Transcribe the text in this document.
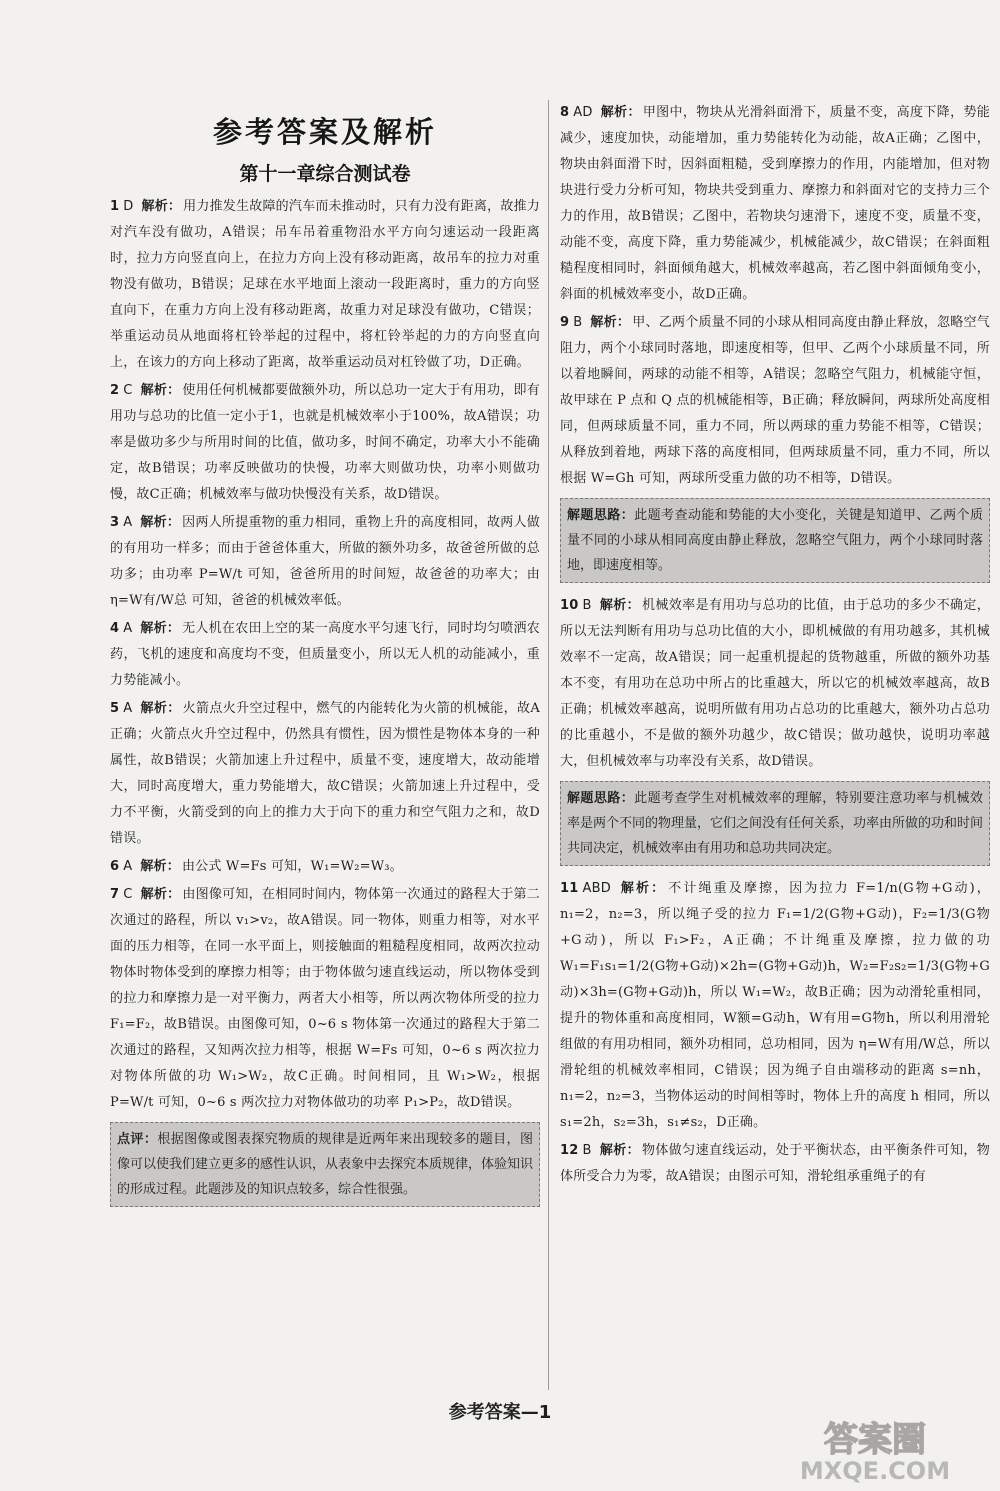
参考答案及解析
第十一章综合测试卷
1 D 解析： 用力推发生故障的汽车而未推动时，只有力没有距离，故推力对汽车没有做功，A错误；吊车吊着重物沿水平方向匀速运动一段距离时，拉力方向竖直向上，在拉力方向上没有移动距离，故吊车的拉力对重物没有做功，B错误；足球在水平地面上滚动一段距离时，重力的方向竖直向下，在重力方向上没有移动距离，故重力对足球没有做功，C错误；举重运动员从地面将杠铃举起的过程中，将杠铃举起的力的方向竖直向上，在该力的方向上移动了距离，故举重运动员对杠铃做了功，D正确。
2 C 解析： 使用任何机械都要做额外功，所以总功一定大于有用功，即有用功与总功的比值一定小于1，也就是机械效率小于100%，故A错误；功率是做功多少与所用时间的比值，做功多，时间不确定，功率大小不能确定，故B错误；功率反映做功的快慢，功率大则做功快，功率小则做功慢，故C正确；机械效率与做功快慢没有关系，故D错误。
3 A 解析： 因两人所提重物的重力相同，重物上升的高度相同，故两人做的有用功一样多；而由于爸爸体重大，所做的额外功多，故爸爸所做的总功多；由功率 P=W/t 可知，爸爸所用的时间短，故爸爸的功率大；由 η=W有/W总 可知，爸爸的机械效率低。
4 A 解析： 无人机在农田上空的某一高度水平匀速飞行，同时均匀喷洒农药，飞机的速度和高度均不变，但质量变小，所以无人机的动能减小，重力势能减小。
5 A 解析： 火箭点火升空过程中，燃气的内能转化为火箭的机械能，故A正确；火箭点火升空过程中，仍然具有惯性，因为惯性是物体本身的一种属性，故B错误；火箭加速上升过程中，质量不变，速度增大，故动能增大，同时高度增大，重力势能增大，故C错误；火箭加速上升过程中，受力不平衡，火箭受到的向上的推力大于向下的重力和空气阻力之和，故D错误。
6 A 解析： 由公式 W=Fs 可知，W₁=W₂=W₃。
7 C 解析： 由图像可知，在相同时间内，物体第一次通过的路程大于第二次通过的路程，所以 v₁>v₂，故A错误。同一物体，则重力相等，对水平面的压力相等，在同一水平面上，则接触面的粗糙程度相同，故两次拉动物体时物体受到的摩擦力相等；由于物体做匀速直线运动，所以物体受到的拉力和摩擦力是一对平衡力，两者大小相等，所以两次物体所受的拉力 F₁=F₂，故B错误。由图像可知，0~6 s 物体第一次通过的路程大于第二次通过的路程，又知两次拉力相等，根据 W=Fs 可知，0~6 s 两次拉力对物体所做的功 W₁>W₂，故C正确。时间相同，且 W₁>W₂，根据 P=W/t 可知，0~6 s 两次拉力对物体做功的功率 P₁>P₂，故D错误。
点评：根据图像或图表探究物质的规律是近两年来出现较多的题目，图像可以使我们建立更多的感性认识，从表象中去探究本质规律，体验知识的形成过程。此题涉及的知识点较多，综合性很强。
8 AD 解析： 甲图中，物块从光滑斜面滑下，质量不变，高度下降，势能减少，速度加快，动能增加，重力势能转化为动能，故A正确；乙图中，物块由斜面滑下时，因斜面粗糙，受到摩擦力的作用，内能增加，但对物块进行受力分析可知，物块共受到重力、摩擦力和斜面对它的支持力三个力的作用，故B错误；乙图中，若物块匀速滑下，速度不变，质量不变，动能不变，高度下降，重力势能减少，机械能减少，故C错误；在斜面粗糙程度相同时，斜面倾角越大，机械效率越高，若乙图中斜面倾角变小，斜面的机械效率变小，故D正确。
9 B 解析： 甲、乙两个质量不同的小球从相同高度由静止释放，忽略空气阻力，两个小球同时落地，即速度相等，但甲、乙两个小球质量不同，所以着地瞬间，两球的动能不相等，A错误；忽略空气阻力，机械能守恒，故甲球在 P 点和 Q 点的机械能相等，B正确；释放瞬间，两球所处高度相同，但两球质量不同，重力不同，所以两球的重力势能不相等，C错误；从释放到着地，两球下落的高度相同，但两球质量不同，重力不同，所以根据 W=Gh 可知，两球所受重力做的功不相等，D错误。
解题思路：此题考查动能和势能的大小变化，关键是知道甲、乙两个质量不同的小球从相同高度由静止释放，忽略空气阻力，两个小球同时落地，即速度相等。
10 B 解析： 机械效率是有用功与总功的比值，由于总功的多少不确定，所以无法判断有用功与总功比值的大小，即机械做的有用功越多，其机械效率不一定高，故A错误；同一起重机提起的货物越重，所做的额外功基本不变，有用功在总功中所占的比重越大，所以它的机械效率越高，故B正确；机械效率越高，说明所做有用功占总功的比重越大，额外功占总功的比重越小，不是做的额外功越少，故C错误；做功越快，说明功率越大，但机械效率与功率没有关系，故D错误。
解题思路：此题考查学生对机械效率的理解，特别要注意功率与机械效率是两个不同的物理量，它们之间没有任何关系，功率由所做的功和时间共同决定，机械效率由有用功和总功共同决定。
11 ABD 解析： 不计绳重及摩擦，因为拉力 F=1/n(G物+G动)，n₁=2，n₂=3，所以绳子受的拉力 F₁=1/2(G物+G动)，F₂=1/3(G物+G动)，所以 F₁>F₂，A正确；不计绳重及摩擦，拉力做的功 W₁=F₁s₁=1/2(G物+G动)×2h=(G物+G动)h，W₂=F₂s₂=1/3(G物+G动)×3h=(G物+G动)h，所以 W₁=W₂，故B正确；因为动滑轮重相同，提升的物体重和高度相同，W额=G动h，W有用=G物h，所以利用滑轮组做的有用功相同，额外功相同，总功相同，因为 η=W有用/W总，所以滑轮组的机械效率相同，C错误；因为绳子自由端移动的距离 s=nh，n₁=2，n₂=3，当物体运动的时间相等时，物体上升的高度 h 相同，所以 s₁=2h，s₂=3h，s₁≠s₂，D正确。
12 B 解析： 物体做匀速直线运动，处于平衡状态，由平衡条件可知，物体所受合力为零，故A错误；由图示可知，滑轮组承重绳子的有
参考答案—1
答案圈
MXQE.COM
